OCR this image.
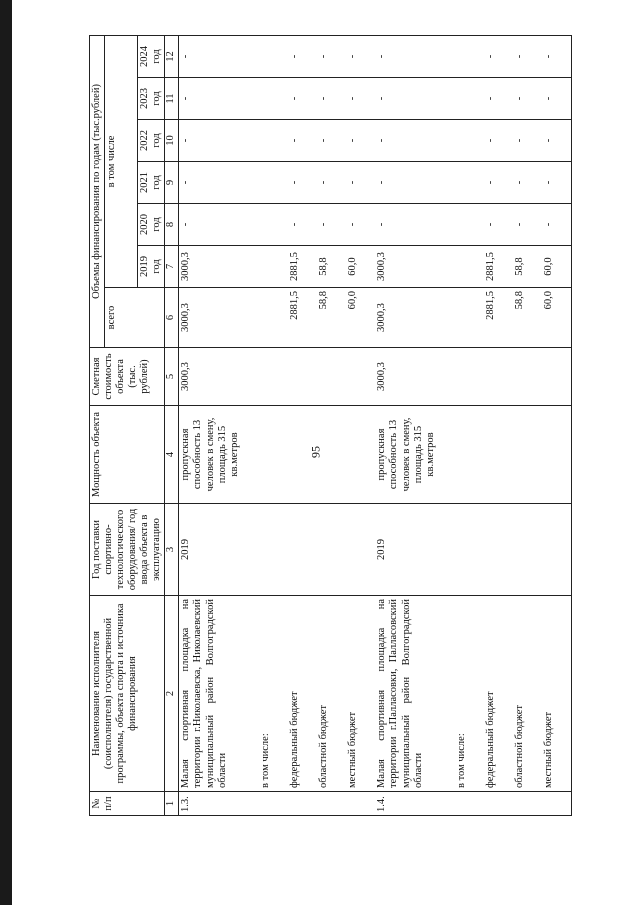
95
№ п/п	Наименование исполнителя (соисполнителя) государственной программы, объекта спорта и источника финансирования	Год поставки спортивно-технологического оборудования/ год ввода объекта в эксплуатацию	Мощность объекта	Сметная стоимость объекта (тыс. рублей)	Объемы финансирования по годам (тыс.рублей)						
					всего	в том числе					
						2019 год	2020 год	2021 год	2022 год	2023 год	2024 год
1	2	3	4	5	6	7	8	9	10	11	12
1.3.	Малая спортивная площадка на территории г.Николаевска, Николаевский муниципальный район Волгоградской области	2019	пропускная способность 13 человек в смену, площадь 315 кв.метров	3000,3	3000,3	3000,3	-	-	-	-	-
	в том числе:										
	федеральный бюджет				2881,5	2881,5	-	-	-	-	-
	областной бюджет				58,8	58,8	-	-	-	-	-
	местный бюджет				60,0	60,0	-	-	-	-	-
1.4.	Малая спортивная площадка на территории г.Палласовки, Палласовский муниципальный район Волгоградской области	2019	пропускная способность 13 человек в смену, площадь 315 кв.метров	3000,3	3000,3	3000,3	-	-	-	-	-
	в том числе:										
	федеральный бюджет				2881,5	2881,5	-	-	-	-	-
	областной бюджет				58,8	58,8	-	-	-	-	-
	местный бюджет				60,0	60,0	-	-	-	-	-
